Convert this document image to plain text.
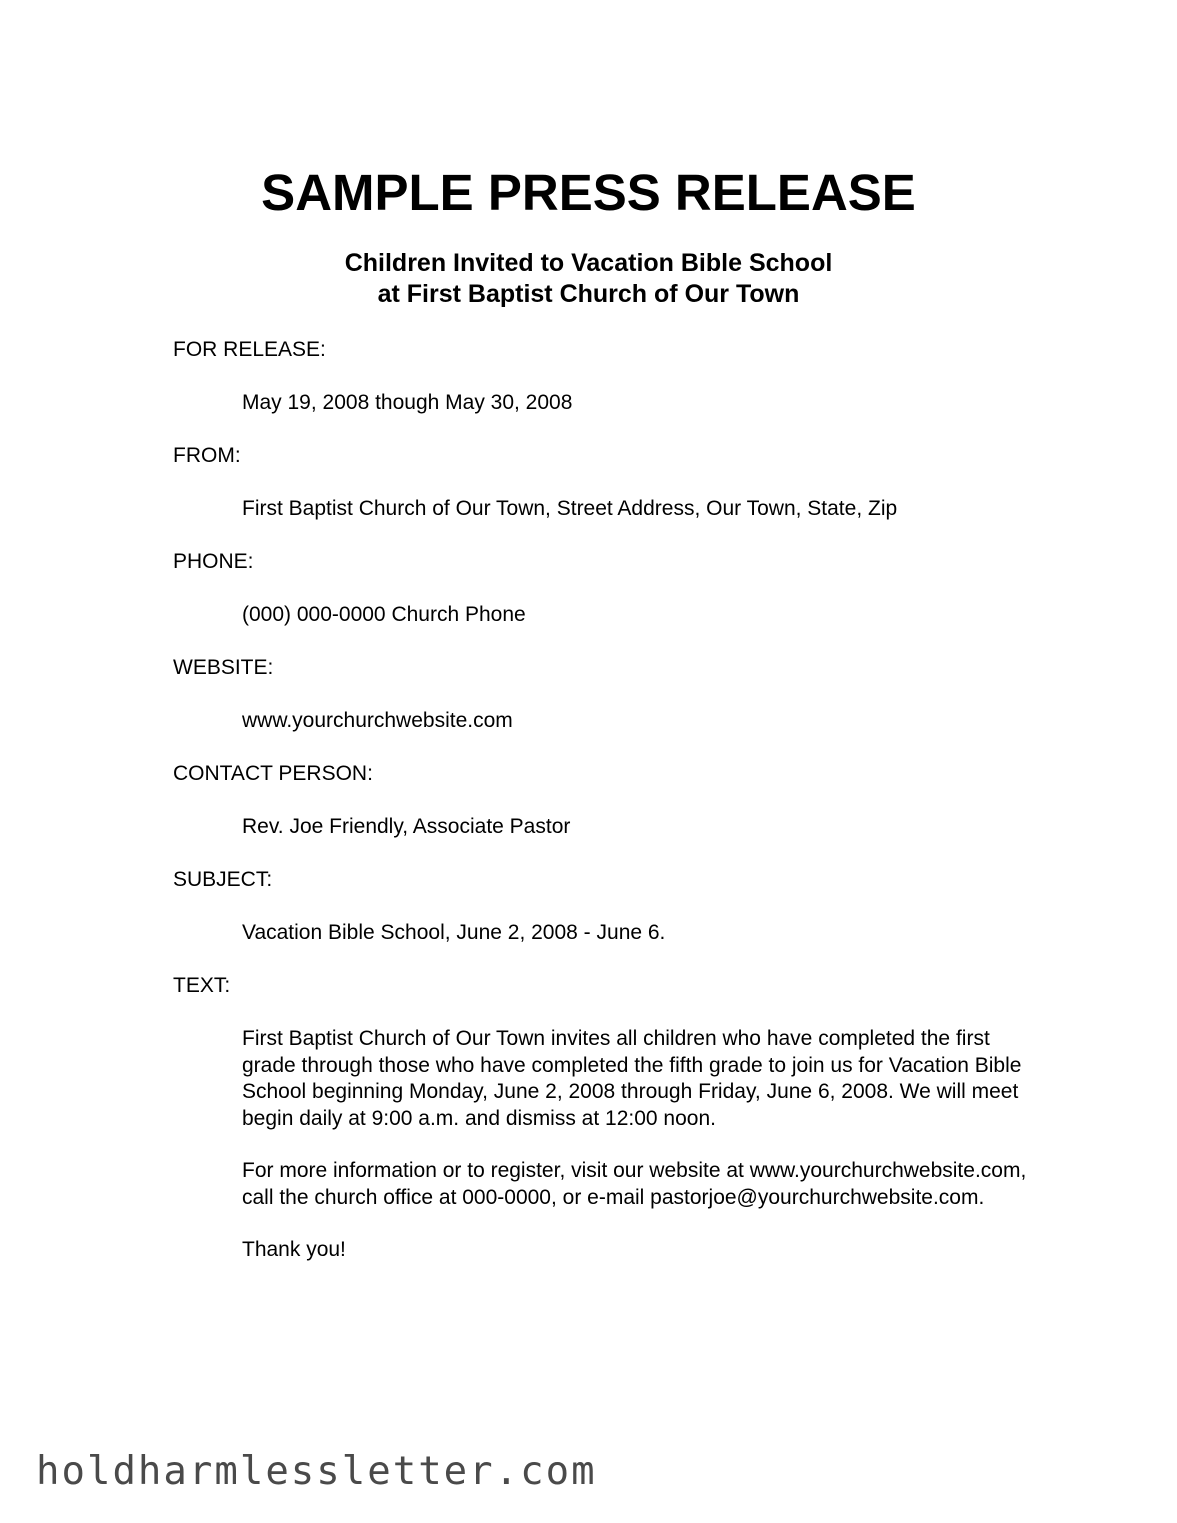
SAMPLE PRESS RELEASE
Children Invited to Vacation Bible School
at First Baptist Church of Our Town

FOR RELEASE:

May 19, 2008 though May 30, 2008

FROM:

First Baptist Church of Our Town, Street Address, Our Town, State, Zip

PHONE:

(000) 000-0000 Church Phone

WEBSITE:

www.yourchurchwebsite.com

CONTACT PERSON:

Rev. Joe Friendly, Associate Pastor

SUBJECT:

Vacation Bible School, June 2, 2008 - June 6.

TEXT:

First Baptist Church of Our Town invites all children who have completed the first grade through those who have completed the fifth grade to join us for Vacation Bible School beginning Monday, June 2, 2008 through Friday, June 6, 2008. We will meet begin daily at 9:00 a.m. and dismiss at 12:00 noon.

For more information or to register, visit our website at www.yourchurchwebsite.com, call the church office at 000-0000, or e-mail pastorjoe@yourchurchwebsite.com.

Thank you!

holdharmlessletter.com
